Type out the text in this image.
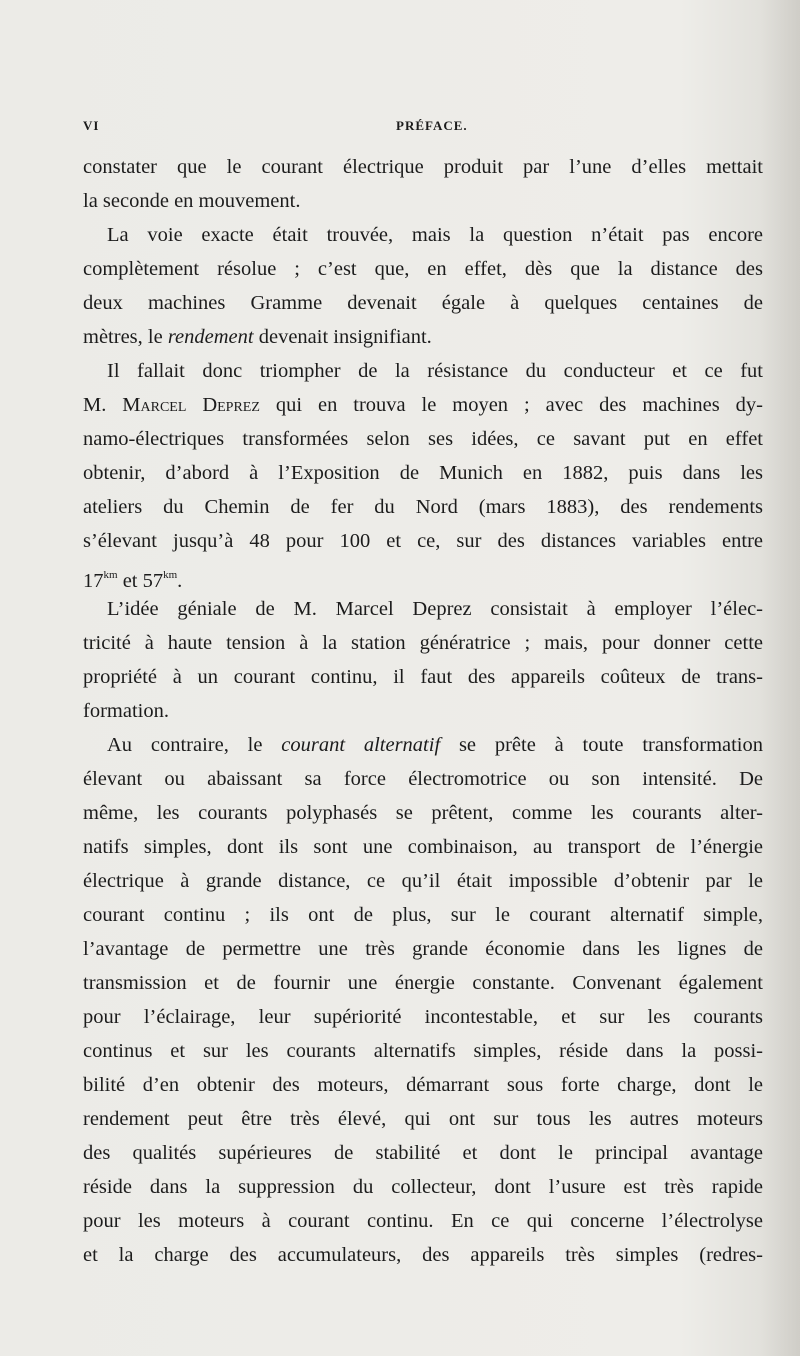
VI	PRÉFACE.

constater que le courant électrique produit par l’une d’elles mettait
la seconde en mouvement.

La voie exacte était trouvée, mais la question n’était pas encore
complètement résolue ; c’est que, en effet, dès que la distance des
deux machines Gramme devenait égale à quelques centaines de
mètres, le rendement devenait insignifiant.

Il fallait donc triompher de la résistance du conducteur et ce fut
M. Marcel Deprez qui en trouva le moyen ; avec des machines dy-
namo-électriques transformées selon ses idées, ce savant put en effet
obtenir, d’abord à l’Exposition de Munich en 1882, puis dans les
ateliers du Chemin de fer du Nord (mars 1883), des rendements
s’élevant jusqu’à 48 pour 100 et ce, sur des distances variables entre
$17^{km}$ et $57^{km}$.

L’idée géniale de M. Marcel Deprez consistait à employer l’élec-
tricité à haute tension à la station génératrice ; mais, pour donner cette
propriété à un courant continu, il faut des appareils coûteux de trans-
formation.

Au contraire, le courant alternatif se prête à toute transformation
élevant ou abaissant sa force électromotrice ou son intensité. De
même, les courants polyphasés se prêtent, comme les courants alter-
natifs simples, dont ils sont une combinaison, au transport de l’énergie
électrique à grande distance, ce qu’il était impossible d’obtenir par le
courant continu ; ils ont de plus, sur le courant alternatif simple,
l’avantage de permettre une très grande économie dans les lignes de
transmission et de fournir une énergie constante. Convenant également
pour l’éclairage, leur supériorité incontestable, et sur les courants
continus et sur les courants alternatifs simples, réside dans la possi-
bilité d’en obtenir des moteurs, démarrant sous forte charge, dont le
rendement peut être très élevé, qui ont sur tous les autres moteurs
des qualités supérieures de stabilité et dont le principal avantage
réside dans la suppression du collecteur, dont l’usure est très rapide
pour les moteurs à courant continu. En ce qui concerne l’électrolyse
et la charge des accumulateurs, des appareils très simples (redres-
